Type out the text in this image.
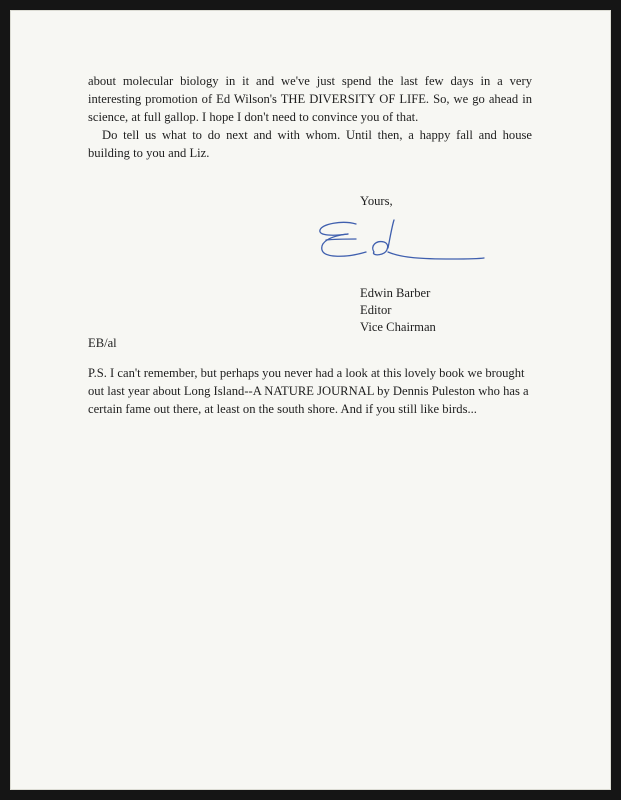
about molecular biology in it and we've just spend the last few days in a very interesting promotion of Ed Wilson's THE DIVERSITY OF LIFE. So, we go ahead in science, at full gallop. I hope I don't need to convince you of that.

Do tell us what to do next and with whom. Until then, a happy fall and house building to you and Liz.

Yours,
Edwin Barber
Editor
Vice Chairman
EB/al
P.S. I can't remember, but perhaps you never had a look at this lovely book we brought out last year about Long Island--A NATURE JOURNAL by Dennis Puleston who has a certain fame out there, at least on the south shore. And if you still like birds...
